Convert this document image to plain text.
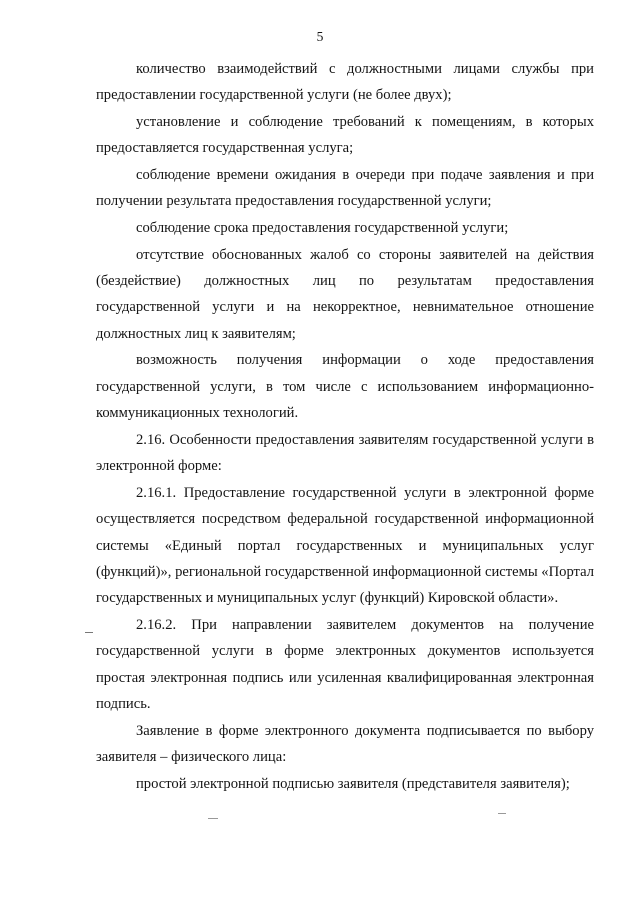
5

количество взаимодействий с должностными лицами службы при предоставлении государственной услуги (не более двух);

установление и соблюдение требований к помещениям, в которых предоставляется государственная услуга;

соблюдение времени ожидания в очереди при подаче заявления и при получении результата предоставления государственной услуги;

соблюдение срока предоставления государственной услуги;

отсутствие обоснованных жалоб со стороны заявителей на действия (бездействие) должностных лиц по результатам предоставления государственной услуги и на некорректное, невнимательное отношение должностных лиц к заявителям;

возможность получения информации о ходе предоставления государственной услуги, в том числе с использованием информационно-коммуникационных технологий.

2.16. Особенности предоставления заявителям государственной услуги в электронной форме:

2.16.1. Предоставление государственной услуги в электронной форме осуществляется посредством федеральной государственной информационной системы «Единый портал государственных и муниципальных услуг (функций)», региональной государственной информационной системы «Портал государственных и муниципальных услуг (функций) Кировской области».

2.16.2. При направлении заявителем документов на получение государственной услуги в форме электронных документов используется простая электронная подпись или усиленная квалифицированная электронная подпись.

Заявление в форме электронного документа подписывается по выбору заявителя – физического лица:

простой электронной подписью заявителя (представителя заявителя);
